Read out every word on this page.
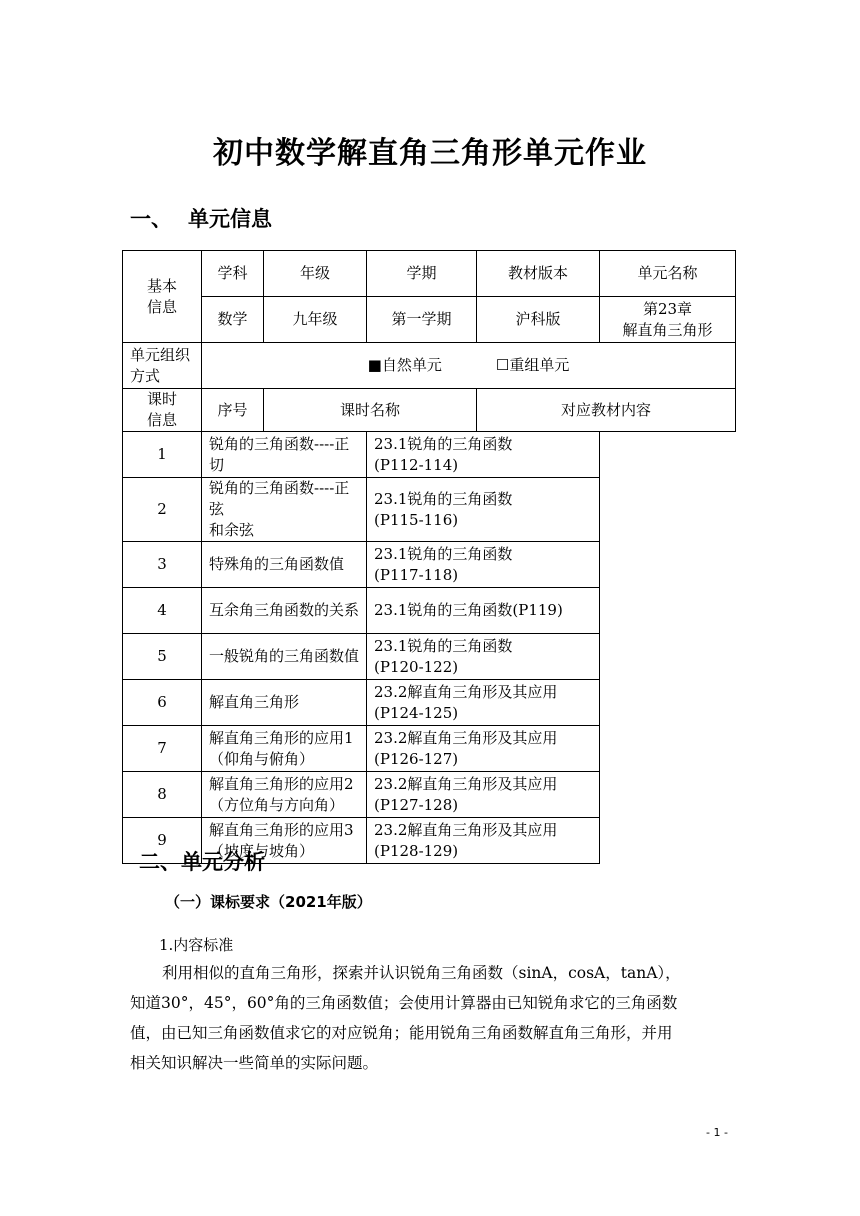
初中数学解直角三角形单元作业
一、 单元信息
基本信息	学科	年级	学期	教材版本	单元名称
	数学	九年级	第一学期	沪科版	第23章
解直角三角形
单元组织方式	■自然单元 ☐重组单元				
课时信息	序号	课时名称		对应教材内容	
1	锐角的三角函数----正切		23.1锐角的三角函数
(P112-114)		
2	锐角的三角函数----正弦
和余弦		23.1锐角的三角函数
(P115-116)		
3	特殊角的三角函数值		23.1锐角的三角函数
(P117-118)		
4	互余角三角函数的关系		23.1锐角的三角函数(P119)		
5	一般锐角的三角函数值		23.1锐角的三角函数
(P120-122)		
6	解直角三角形		23.2解直角三角形及其应用
(P124-125)		
7	解直角三角形的应用1
（仰角与俯角）		23.2解直角三角形及其应用
(P126-127)		
8	解直角三角形的应用2
（方位角与方向角）		23.2解直角三角形及其应用
(P127-128)		
9	解直角三角形的应用3
（坡度与坡角）		23.2解直角三角形及其应用
(P128-129)		
二、单元分析
（一）课标要求（2021年版）
1.内容标准
利用相似的直角三角形，探索并认识锐角三角函数（sinA，cosA，tanA），
知道30°，45°，60°角的三角函数值；会使用计算器由已知锐角求它的三角函数
值，由已知三角函数值求它的对应锐角；能用锐角三角函数解直角三角形，并用
相关知识解决一些简单的实际问题。
- 1 -
